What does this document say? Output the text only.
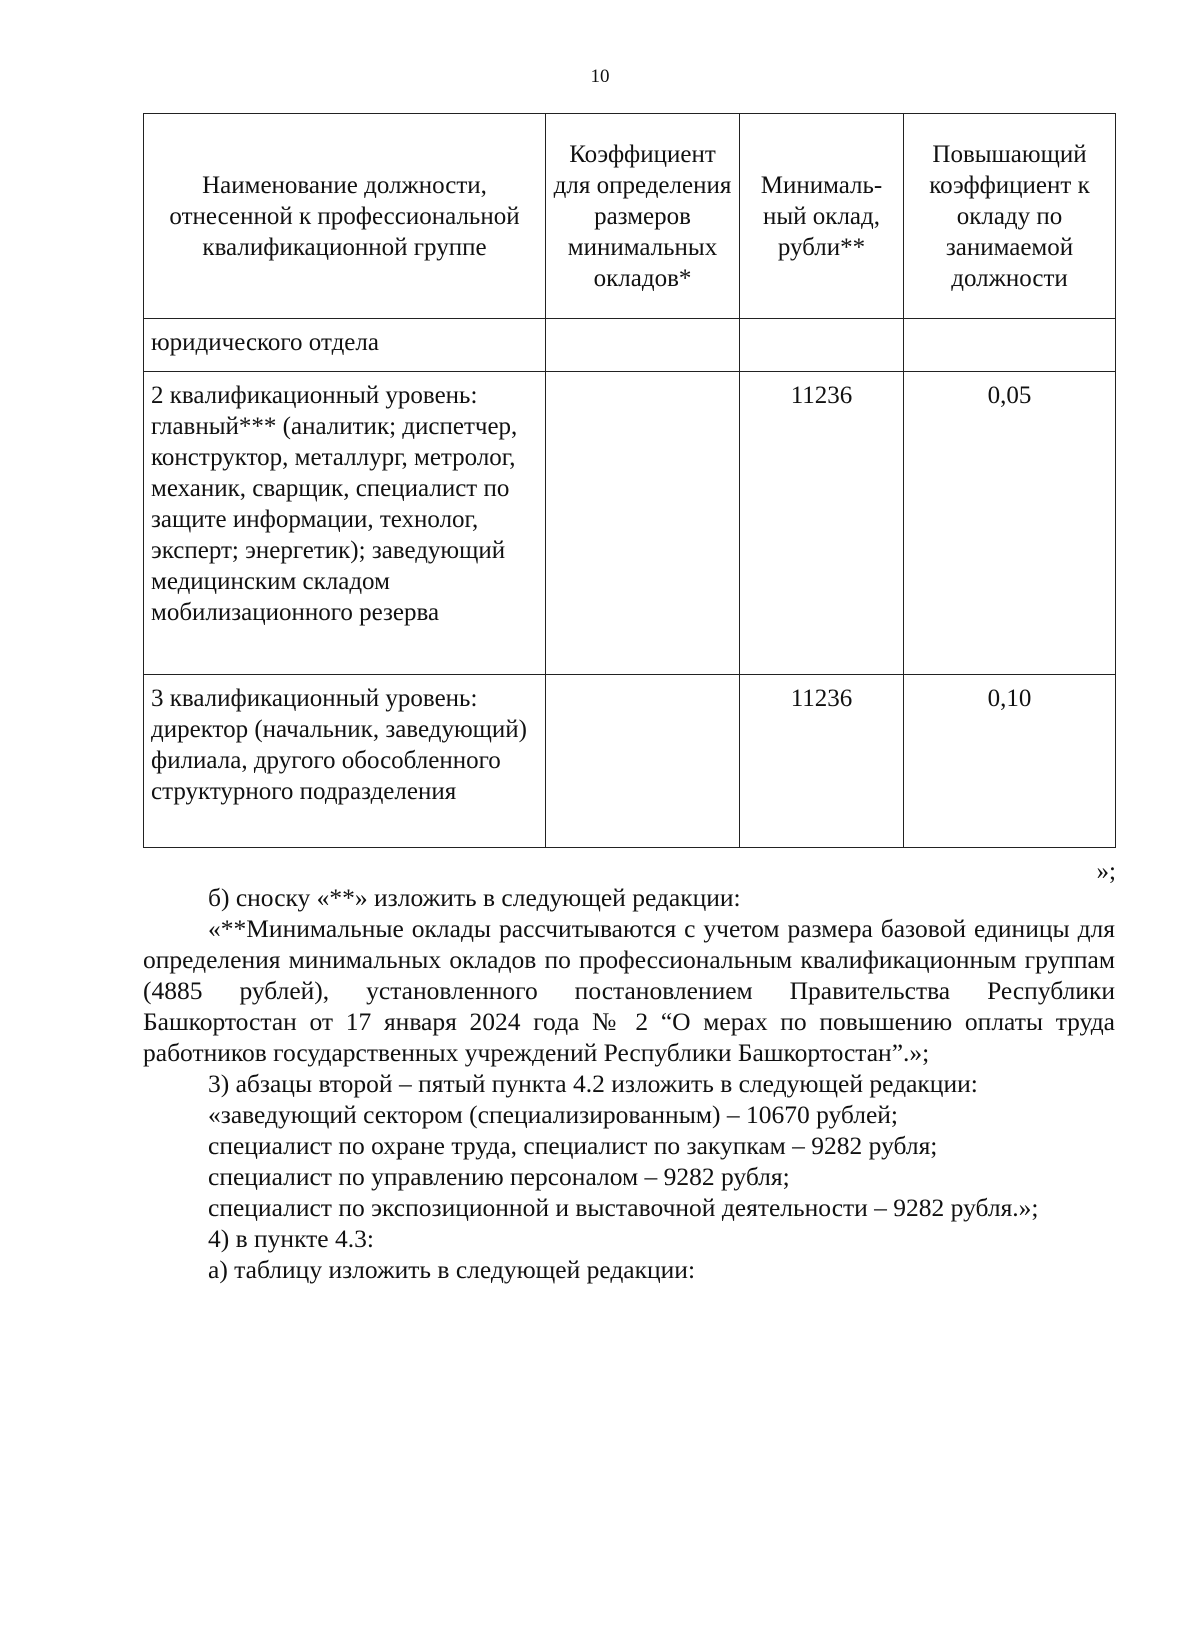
10
Наименование должности, отнесенной к профессиональной квалификационной группе	Коэффициент для определения размеров минимальных окладов*	Минималь-ный оклад, рубли**	Повышающий коэффициент к окладу по занимаемой должности
юридического отдела			
2 квалификационный уровень: главный*** (аналитик; диспетчер, конструктор, металлург, метролог, механик, сварщик, специалист по защите информации, технолог, эксперт; энергетик); заведующий медицинским складом мобилизационного резерва		11236	0,05
3 квалификационный уровень: директор (начальник, заведующий) филиала, другого обособленного структурного подразделения		11236	0,10
»;

б) сноску «**» изложить в следующей редакции:

«**Минимальные оклады рассчитываются с учетом размера базовой единицы для определения минимальных окладов по профессиональным квалификационным группам (4885 рублей), установленного постановлением Правительства Республики Башкортостан от 17 января 2024 года № 2 “О мерах по повышению оплаты труда работников государственных учреждений Республики Башкортостан”.»;

3) абзацы второй – пятый пункта 4.2 изложить в следующей редакции:

«заведующий сектором (специализированным) – 10670 рублей;

специалист по охране труда, специалист по закупкам – 9282 рубля;

специалист по управлению персоналом – 9282 рубля;

специалист по экспозиционной и выставочной деятельности – 9282 рубля.»;

4) в пункте 4.3:

а) таблицу изложить в следующей редакции:
